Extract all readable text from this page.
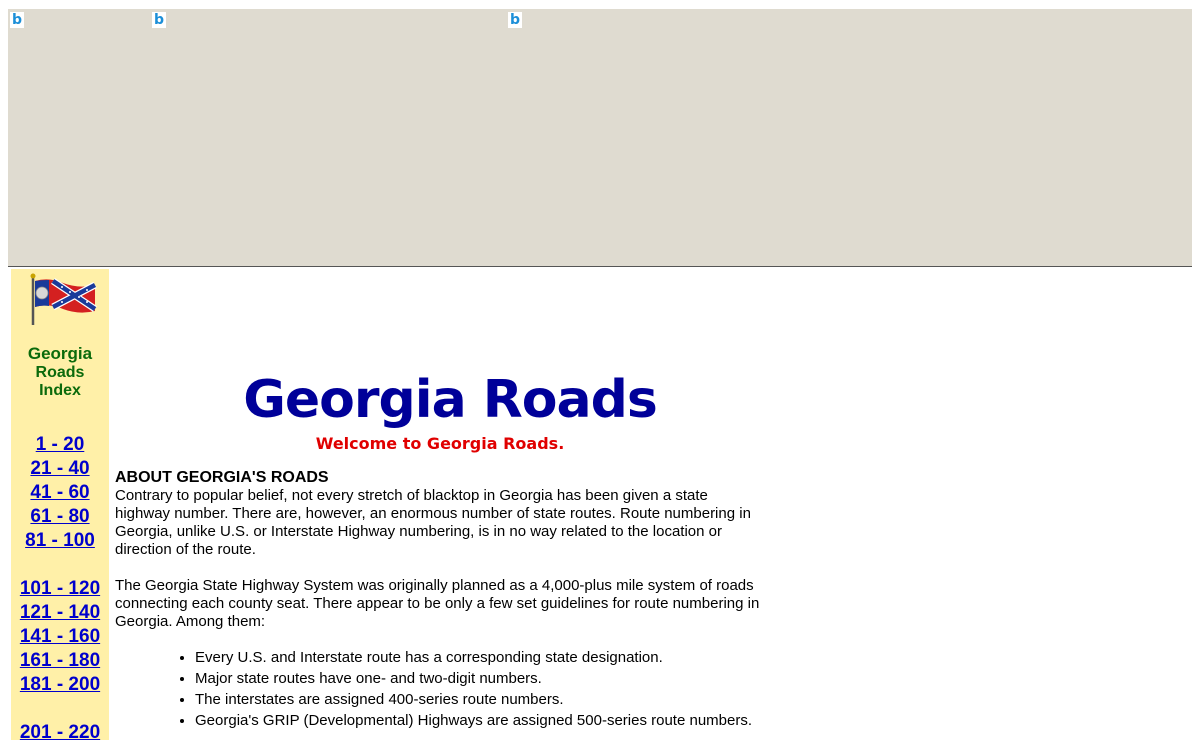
b	b	b
Georgia
Roads
Index
1 - 20
21 - 40
41 - 60
61 - 80
81 - 100
101 - 120
121 - 140
141 - 160
161 - 180
181 - 200
201 - 220
Georgia Roads
Welcome to Georgia Roads.
ABOUT GEORGIA'S ROADS

Contrary to popular belief, not every stretch of blacktop in Georgia has been given a state highway number. There are, however, an enormous number of state routes. Route numbering in Georgia, unlike U.S. or Interstate Highway numbering, is in no way related to the location or direction of the route.

The Georgia State Highway System was originally planned as a 4,000-plus mile system of roads connecting each county seat. There appear to be only a few set guidelines for route numbering in Georgia. Among them:

• Every U.S. and Interstate route has a corresponding state designation.
• Major state routes have one- and two-digit numbers.
• The interstates are assigned 400-series route numbers.
• Georgia's GRIP (Developmental) Highways are assigned 500-series route numbers.
